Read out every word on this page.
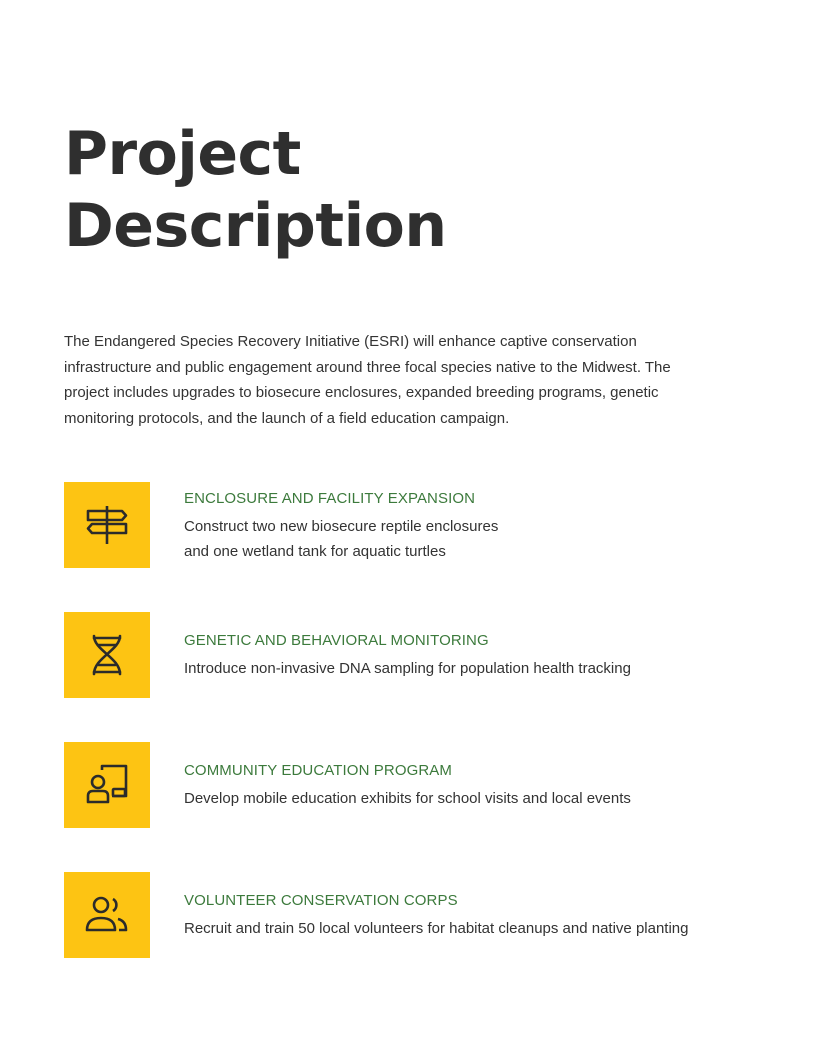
Project
Description

The Endangered Species Recovery Initiative (ESRI) will enhance captive conservation infrastructure and public engagement around three focal species native to the Midwest. The project includes upgrades to biosecure enclosures, expanded breeding programs, genetic monitoring protocols, and the launch of a field education campaign.

ENCLOSURE AND FACILITY EXPANSION
Construct two new biosecure reptile enclosures
and one wetland tank for aquatic turtles
GENETIC AND BEHAVIORAL MONITORING
Introduce non-invasive DNA sampling for population health tracking
COMMUNITY EDUCATION PROGRAM
Develop mobile education exhibits for school visits and local events
VOLUNTEER CONSERVATION CORPS
Recruit and train 50 local volunteers for habitat cleanups and native planting
